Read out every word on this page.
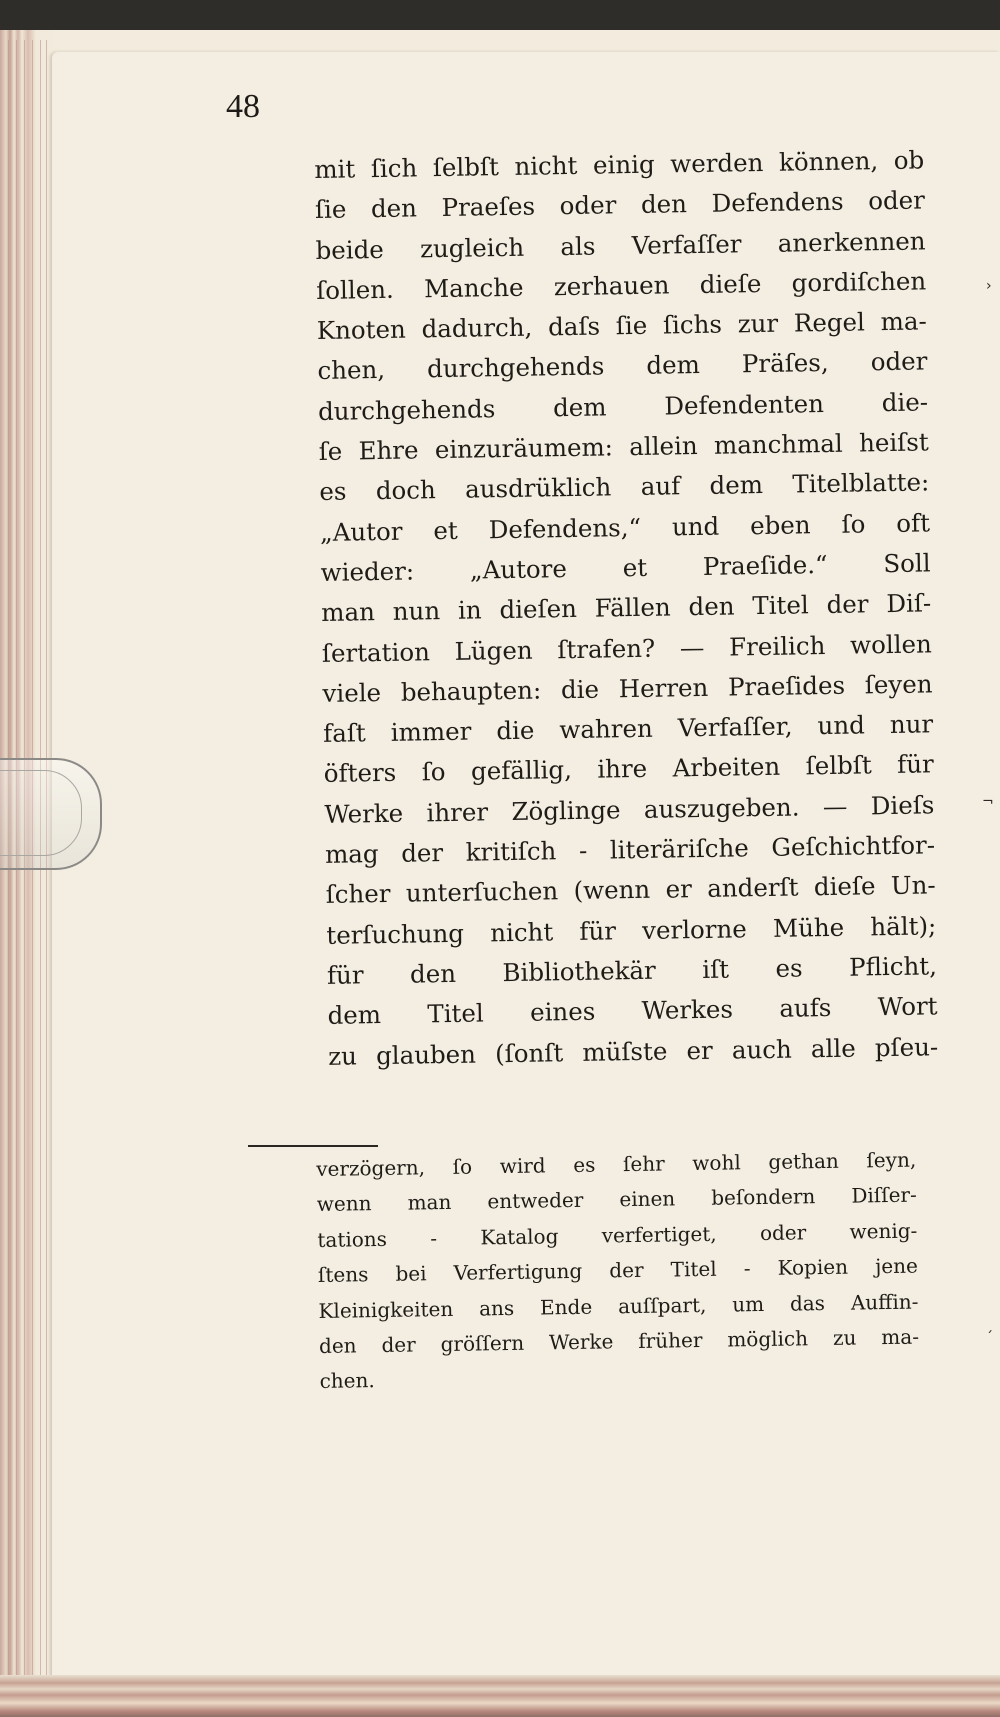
›
¬
´

48

mit ſich ſelbſt nicht einig werden können, ob
ſie den Praeſes oder den Defendens oder
beide zugleich als Verfaſſer anerkennen
ſollen. Manche zerhauen dieſe gordiſchen
Knoten dadurch, daſs ſie ſichs zur Regel ma-
chen, durchgehends dem Präſes, oder
durchgehends dem Defendenten die-
ſe Ehre einzuräumem: allein manchmal heiſst
es doch ausdrüklich auf dem Titelblatte:
„Autor et Defendens,“ und eben ſo oft
wieder: „Autore et Praeſide.“ Soll
man nun in dieſen Fällen den Titel der Diſ-
ſertation Lügen ſtrafen? — Freilich wollen
viele behaupten: die Herren Praeſides ſeyen
faſt immer die wahren Verfaſſer, und nur
öfters ſo gefällig, ihre Arbeiten ſelbſt für
Werke ihrer Zöglinge auszugeben. — Dieſs
mag der kritiſch - literäriſche Geſchichtfor-
ſcher unterſuchen (wenn er anderſt dieſe Un-
terſuchung nicht für verlorne Mühe hält);
für den Bibliothekär iſt es Pflicht,
dem Titel eines Werkes aufs Wort
zu glauben (ſonſt müſste er auch alle pſeu-
verzögern, ſo wird es ſehr wohl gethan ſeyn,
wenn man entweder einen beſondern Diſſer-
tations - Katalog verfertiget, oder wenig-
ſtens bei Verfertigung der Titel - Kopien jene
Kleinigkeiten ans Ende auſſpart, um das Auffin-
den der gröſſern Werke früher möglich zu ma-
chen.
